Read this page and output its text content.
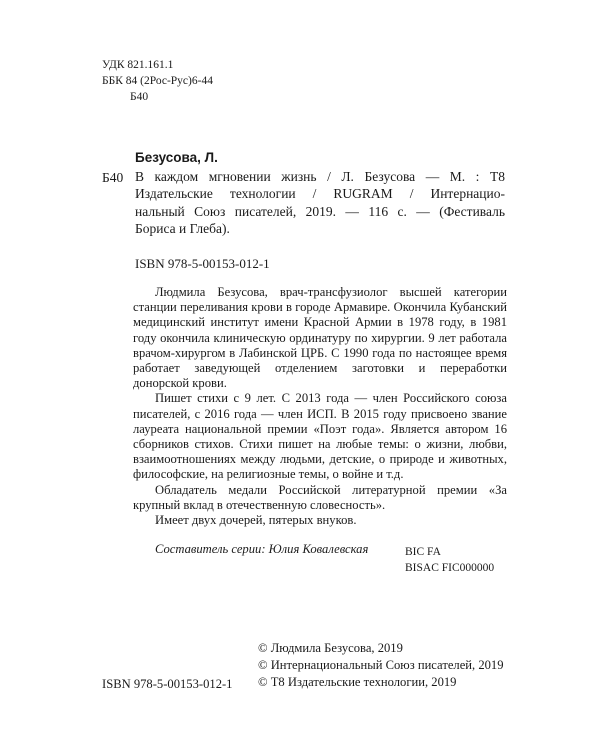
УДК 821.161.1
ББК 84 (2Рос-Рус)6-44
Б40
Б40
Безусова, Л.
В каждом мгновении жизнь / Л. Безусова — М. : Т8
Издательские технологии / RUGRAM / Интернацио-
нальный Союз писателей, 2019. — 116 с. — (Фестиваль
Бориса и Глеба).
ISBN 978-5-00153-012-1

Людмила Безусова, врач-трансфузиолог высшей категории станции переливания крови в городе Армавире. Окончила Кубанский медицинский институт имени Красной Армии в 1978 году, в 1981 году окончила клиническую ординатуру по хирургии. 9 лет работала врачом-хирургом в Лабинской ЦРБ. С 1990 года по настоящее время работает заведующей отделением заготовки и переработки донорской крови.

Пишет стихи с 9 лет. С 2013 года — член Российского союза писателей, с 2016 года — член ИСП. В 2015 году присвоено звание лауреата национальной премии «Поэт года». Является автором 16 сборников стихов. Стихи пишет на любые темы: о жизни, любви, взаимоотношениях между людьми, детские, о природе и животных, философские, на религиозные темы, о войне и т.д.

Обладатель медали Российской литературной премии «За крупный вклад в отечественную словесность».

Имеет двух дочерей, пятерых внуков.

Составитель серии: Юлия Ковалевская	BIC FA
BISAC FIC000000
© Людмила Безусова, 2019
© Интернациональный Союз писателей, 2019
© Т8 Издательские технологии, 2019
ISBN 978-5-00153-012-1
